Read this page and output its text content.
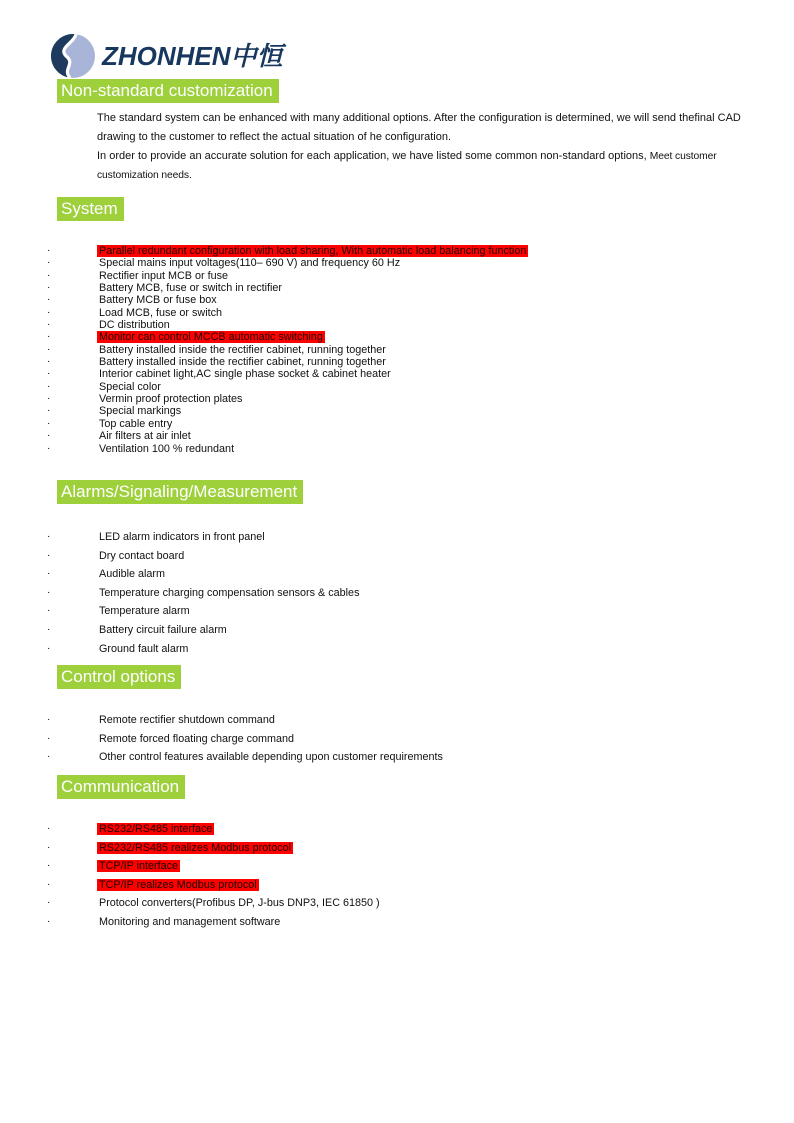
ZHONHEN中恒
Non-standard customization
The standard system can be enhanced with many additional options. After the configuration is determined, we will send thefinal CAD
drawing to the customer to reflect the actual situation of he configuration.
In order to provide an accurate solution for each application, we have listed some common non-standard options, Meet customer
customization needs.
System
·	Parallel redundant configuration with load sharing, With automatic load balancing function
·	Special mains input voltages(110– 690 V) and frequency 60 Hz
·	Rectifier input MCB or fuse
·	Battery MCB, fuse or switch in rectifier
·	Battery MCB or fuse box
·	Load MCB, fuse or switch
·	DC distribution
·	Monitor can control MCCB automatic switching
·	Battery installed inside the rectifier cabinet, running together
·	Battery installed inside the rectifier cabinet, running together
·	Interior cabinet light,AC single phase socket & cabinet heater
·	Special color
·	Vermin proof protection plates
·	Special markings
·	Top cable entry
·	Air filters at air inlet
·	Ventilation 100 % redundant
Alarms/Signaling/Measurement
·	LED alarm indicators in front panel
·	Dry contact board
·	Audible alarm
·	Temperature charging compensation sensors & cables
·	Temperature alarm
·	Battery circuit failure alarm
·	Ground fault alarm
Control options
·	Remote rectifier shutdown command
·	Remote forced floating charge command
·	Other control features available depending upon customer requirements
Communication
·	RS232/RS485 interface
·	RS232/RS485 realizes Modbus protocol
·	TCP/IP interface
·	TCP/IP realizes Modbus protocol
·	Protocol converters(Profibus DP, J-bus DNP3, IEC 61850 )
·	Monitoring and management software
